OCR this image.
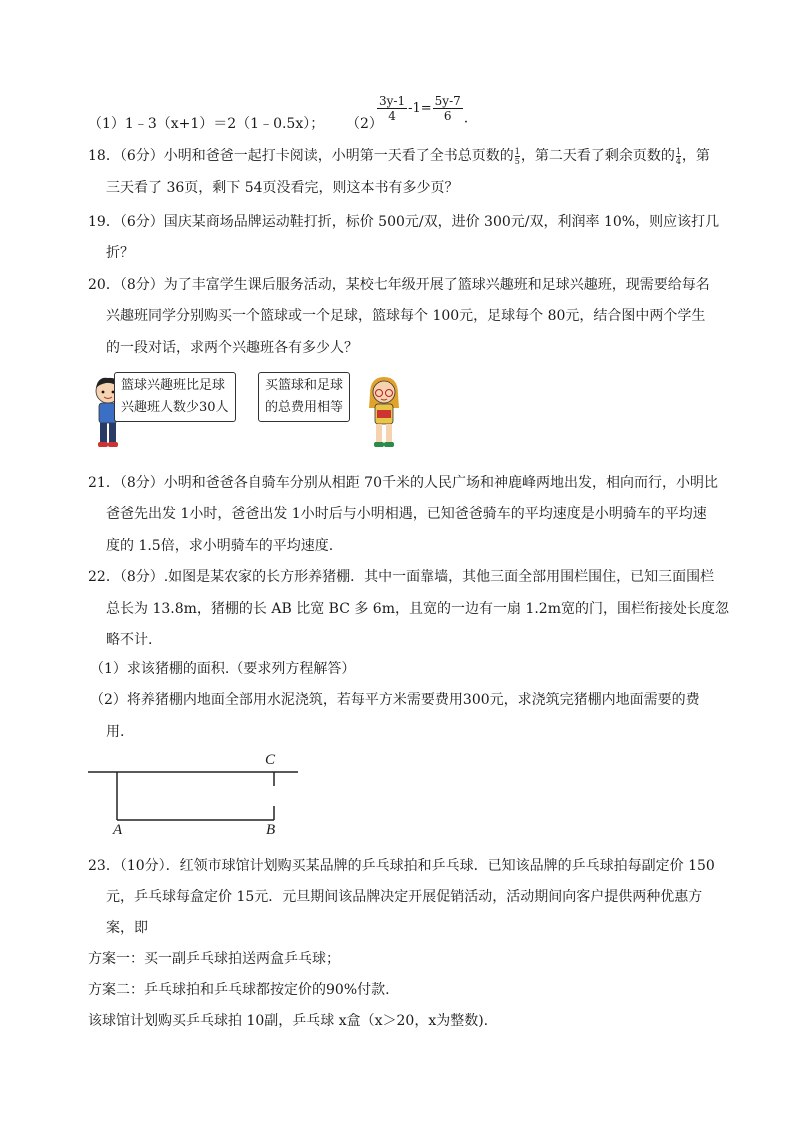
（1）1﹣3（x+1）＝2（1﹣0.5x）； （2）
$\frac{3y-1}{4} -1= \frac{5y-7}{6}$ .
18．（6分）小明和爸爸一起打卡阅读，小明第一天看了全书总页数的 $\frac{1}{5}$，第二天看了剩余页数的 $\frac{1}{4}$，第
三天看了 36页，剩下 54页没看完，则这本书有多少页？
19．（6分）国庆某商场品牌运动鞋打折，标价 500元/双，进价 300元/双，利润率 10%，则应该打几
折？
20．（8分）为了丰富学生课后服务活动，某校七年级开展了篮球兴趣班和足球兴趣班，现需要给每名
兴趣班同学分别购买一个篮球或一个足球，篮球每个 100元，足球每个 80元，结合图中两个学生
的一段对话，求两个兴趣班各有多少人？
篮球兴趣班比足球
兴趣班人数少30人
买篮球和足球
的总费用相等
21．（8分）小明和爸爸各自骑车分别从相距 70千米的人民广场和神鹿峰两地出发，相向而行，小明比
爸爸先出发 1小时，爸爸出发 1小时后与小明相遇，已知爸爸骑车的平均速度是小明骑车的平均速
度的 1.5倍，求小明骑车的平均速度.
22．（8分）.如图是某农家的长方形养猪棚．其中一面靠墙，其他三面全部用围栏围住，已知三面围栏
总长为 13.8m，猪棚的长 AB 比宽 BC 多 6m，且宽的一边有一扇 1.2m宽的门，围栏衔接处长度忽
略不计.
（1）求该猪棚的面积.（要求列方程解答）
（2）将养猪棚内地面全部用水泥浇筑，若每平方米需要费用300元，求浇筑完猪棚内地面需要的费
用.
A	B
C
23．（10分）．红领市球馆计划购买某品牌的乒乓球拍和乒乓球．已知该品牌的乒乓球拍每副定价 150
元，乒乓球每盒定价 15元．元旦期间该品牌决定开展促销活动，活动期间向客户提供两种优惠方
案，即
方案一：买一副乒乓球拍送两盒乒乓球；
方案二：乒乓球拍和乒乓球都按定价的90%付款.
该球馆计划购买乒乓球拍 10副，乒乓球 x盒（x＞20，x为整数).
